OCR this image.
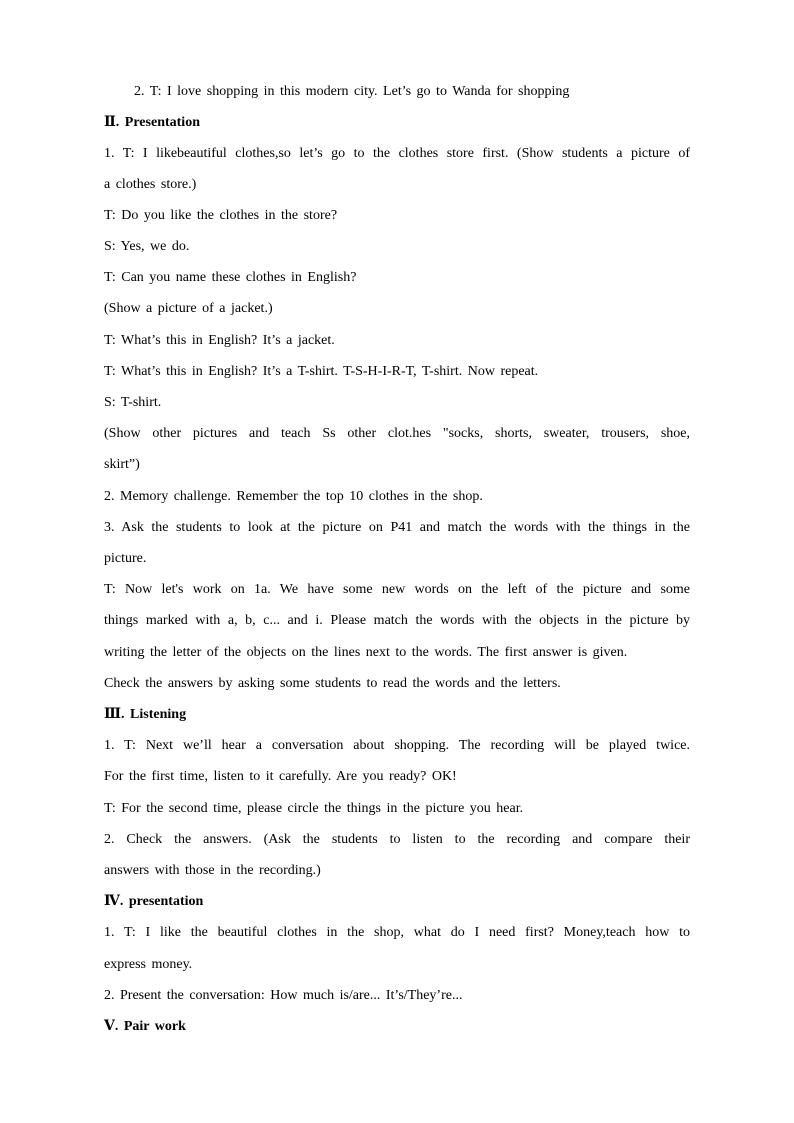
2. T: I love shopping in this modern city. Let’s go to Wanda for shopping
Ⅱ. Presentation
1. T: I likebeautiful clothes,so let’s go to the clothes store first. (Show students a picture of
a clothes store.)
T: Do you like the clothes in the store?
S: Yes, we do.
T: Can you name these clothes in English?
(Show a picture of a jacket.)
T: What’s this in English? It’s a jacket.
T: What’s this in English? It’s a T-shirt. T-S-H-I-R-T, T-shirt. Now repeat.
S: T-shirt.
(Show other pictures and teach Ss other clot.hes "socks, shorts, sweater, trousers, shoe,
skirt”)
2. Memory challenge. Remember the top 10 clothes in the shop.
3. Ask the students to look at the picture on P41 and match the words with the things in the
picture.
T: Now let's work on 1a. We have some new words on the left of the picture and some
things marked with a, b, c... and i. Please match the words with the objects in the picture by
writing the letter of the objects on the lines next to the words. The first answer is given.
Check the answers by asking some students to read the words and the letters.
Ⅲ. Listening
1. T: Next we’ll hear a conversation about shopping. The recording will be played twice.
For the first time, listen to it carefully. Are you ready? OK!
T: For the second time, please circle the things in the picture you hear.
2. Check the answers. (Ask the students to listen to the recording and compare their
answers with those in the recording.)
Ⅳ. presentation
1. T: I like the beautiful clothes in the shop, what do I need first? Money,teach how to
express money.
2. Present the conversation: How much is/are... It’s/They’re...
Ⅴ. Pair work
